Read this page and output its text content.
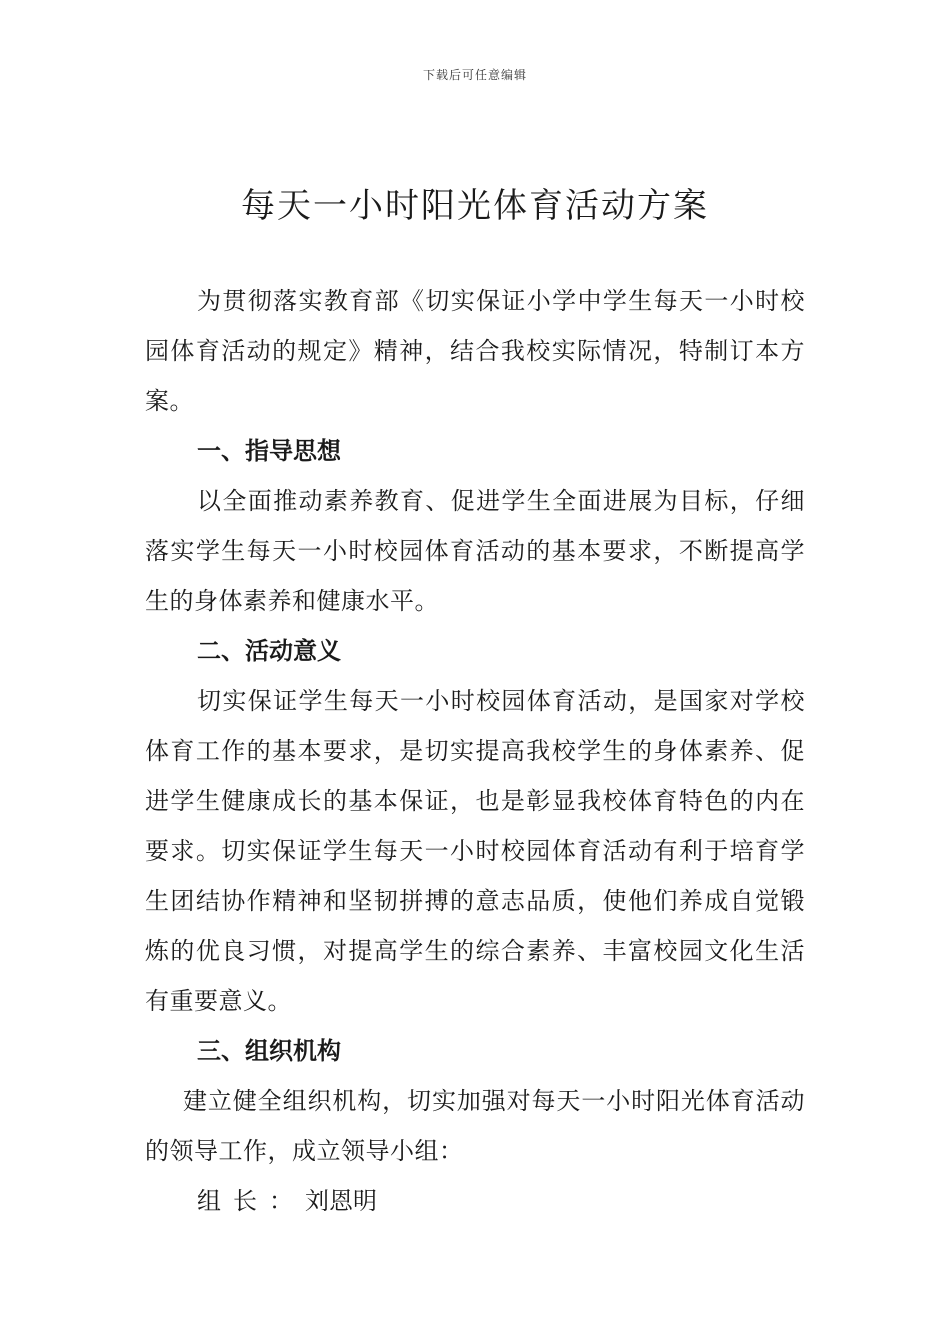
下载后可任意编辑
每天一小时阳光体育活动方案

为贯彻落实教育部《切实保证小学中学生每天一小时校园体育活动的规定》精神，结合我校实际情况，特制订本方案。

一、指导思想

以全面推动素养教育、促进学生全面进展为目标，仔细落实学生每天一小时校园体育活动的基本要求，不断提高学生的身体素养和健康水平。

二、活动意义

切实保证学生每天一小时校园体育活动，是国家对学校体育工作的基本要求，是切实提高我校学生的身体素养、促进学生健康成长的基本保证，也是彰显我校体育特色的内在要求。切实保证学生每天一小时校园体育活动有利于培育学生团结协作精神和坚韧拼搏的意志品质，使他们养成自觉锻炼的优良习惯，对提高学生的综合素养、丰富校园文化生活有重要意义。

三、组织机构

建立健全组织机构，切实加强对每天一小时阳光体育活动的领导工作，成立领导小组：

组长：刘恩明
